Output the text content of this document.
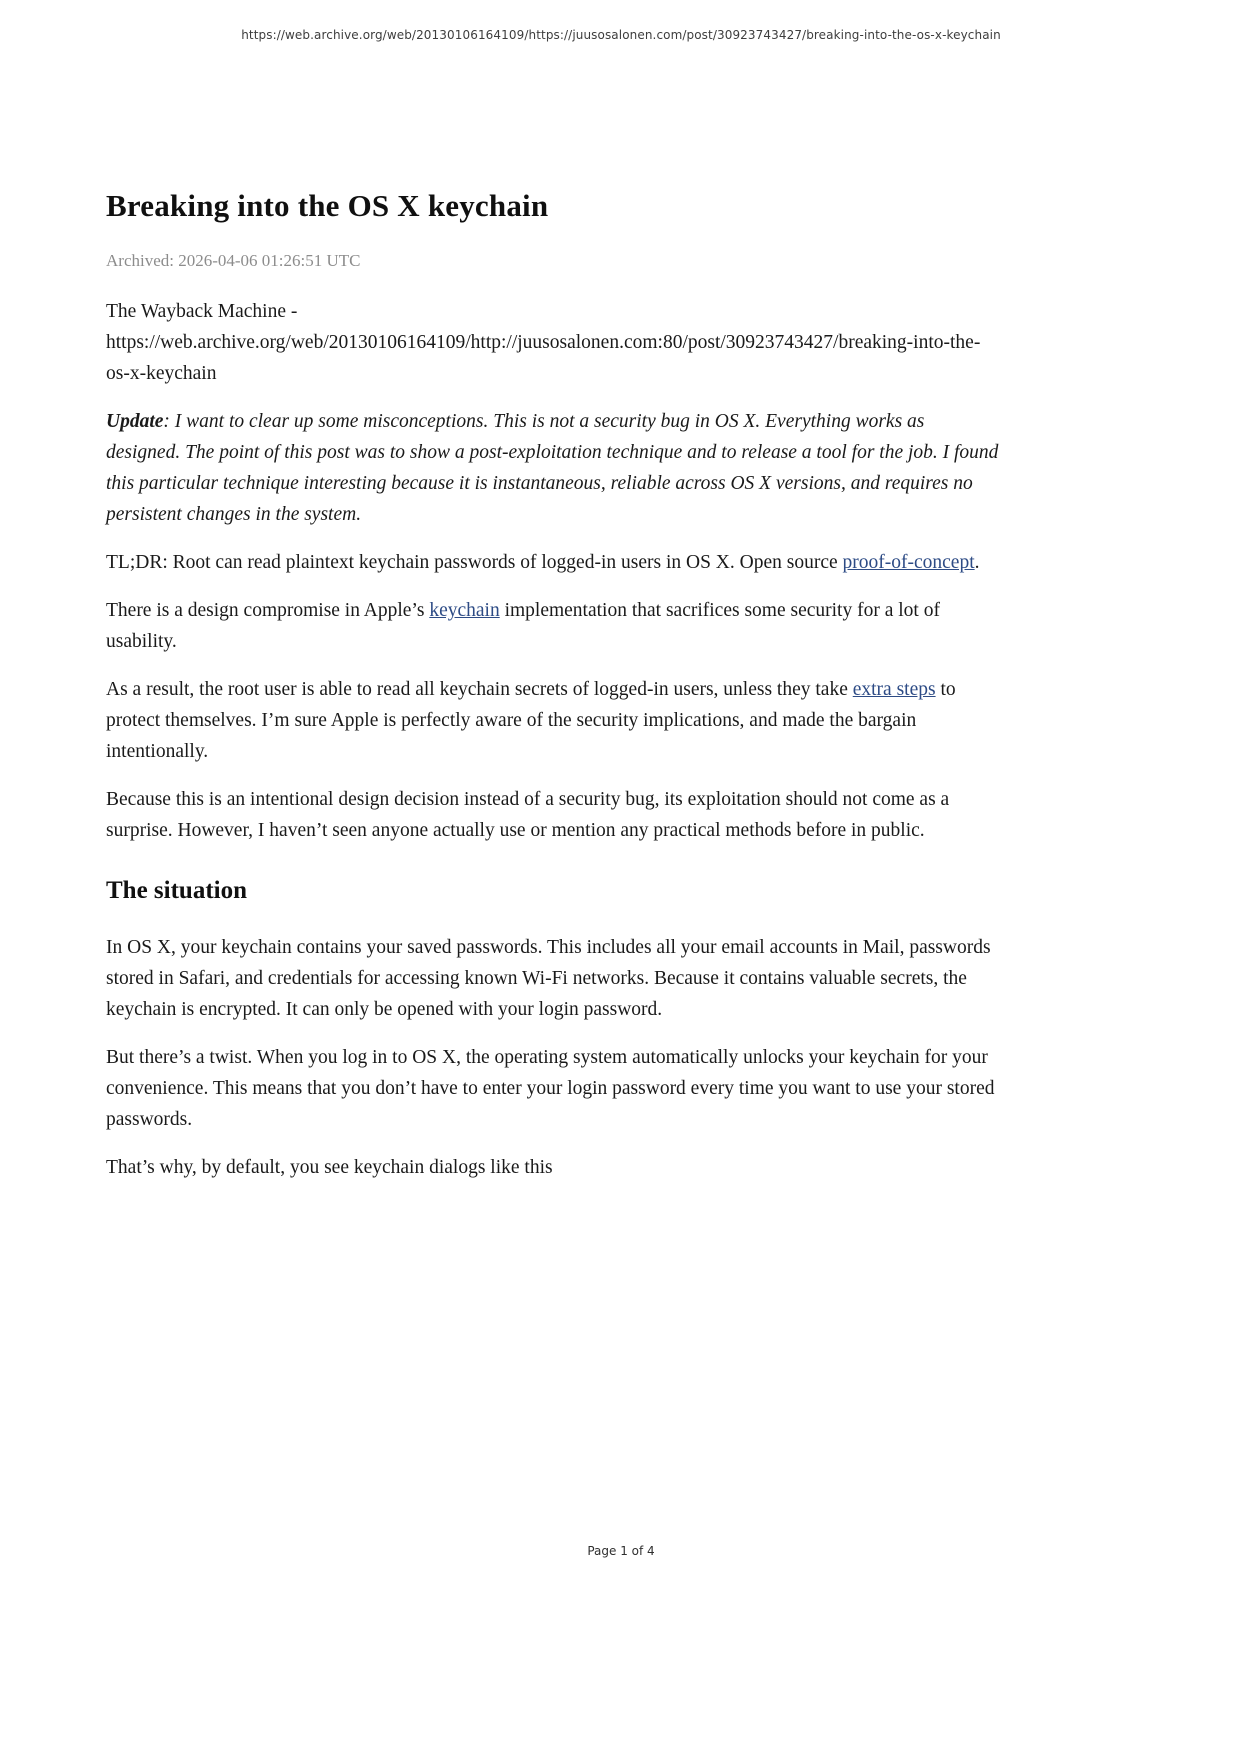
https://web.archive.org/web/20130106164109/https://juusosalonen.com/post/30923743427/breaking-into-the-os-x-keychain
Breaking into the OS X keychain

Archived: 2026-04-06 01:26:51 UTC

The Wayback Machine - https://web.archive.org/web/20130106164109/http://juusosalonen.com:80/post/30923743427/breaking-into-the-os-x-keychain

Update: I want to clear up some misconceptions. This is not a security bug in OS X. Everything works as designed. The point of this post was to show a post-exploitation technique and to release a tool for the job. I found this particular technique interesting because it is instantaneous, reliable across OS X versions, and requires no persistent changes in the system.

TL;DR: Root can read plaintext keychain passwords of logged-in users in OS X. Open source proof-of-concept.

There is a design compromise in Apple’s keychain implementation that sacrifices some security for a lot of usability.

As a result, the root user is able to read all keychain secrets of logged-in users, unless they take extra steps to protect themselves. I’m sure Apple is perfectly aware of the security implications, and made the bargain intentionally.

Because this is an intentional design decision instead of a security bug, its exploitation should not come as a surprise. However, I haven’t seen anyone actually use or mention any practical methods before in public.

The situation

In OS X, your keychain contains your saved passwords. This includes all your email accounts in Mail, passwords stored in Safari, and credentials for accessing known Wi-Fi networks. Because it contains valuable secrets, the keychain is encrypted. It can only be opened with your login password.

But there’s a twist. When you log in to OS X, the operating system automatically unlocks your keychain for your convenience. This means that you don’t have to enter your login password every time you want to use your stored passwords.

That’s why, by default, you see keychain dialogs like this

Page 1 of 4
